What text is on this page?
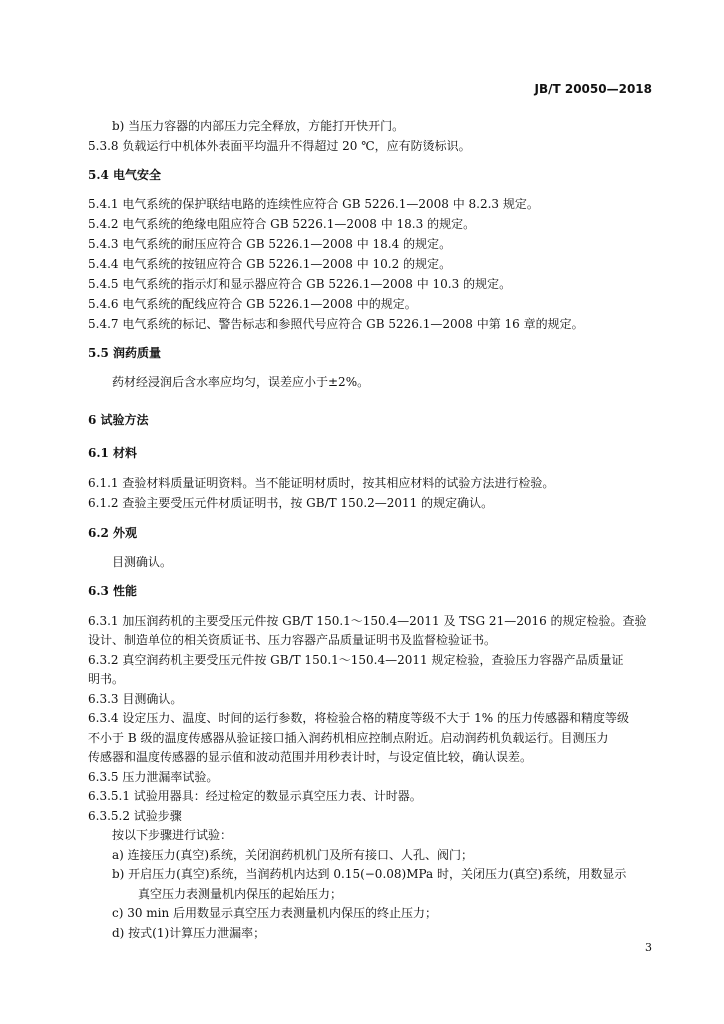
JB/T 20050—2018
b) 当压力容器的内部压力完全释放，方能打开快开门。
5.3.8 负载运行中机体外表面平均温升不得超过 20 ℃，应有防烫标识。
5.4 电气安全
5.4.1 电气系统的保护联结电路的连续性应符合 GB 5226.1—2008 中 8.2.3 规定。
5.4.2 电气系统的绝缘电阻应符合 GB 5226.1—2008 中 18.3 的规定。
5.4.3 电气系统的耐压应符合 GB 5226.1—2008 中 18.4 的规定。
5.4.4 电气系统的按钮应符合 GB 5226.1—2008 中 10.2 的规定。
5.4.5 电气系统的指示灯和显示器应符合 GB 5226.1—2008 中 10.3 的规定。
5.4.6 电气系统的配线应符合 GB 5226.1—2008 中的规定。
5.4.7 电气系统的标记、警告标志和参照代号应符合 GB 5226.1—2008 中第 16 章的规定。
5.5 润药质量
药材经浸润后含水率应均匀，误差应小于±2%。
6 试验方法
6.1 材料
6.1.1 查验材料质量证明资料。当不能证明材质时，按其相应材料的试验方法进行检验。
6.1.2 查验主要受压元件材质证明书，按 GB/T 150.2—2011 的规定确认。
6.2 外观
目测确认。
6.3 性能
6.3.1 加压润药机的主要受压元件按 GB/T 150.1～150.4—2011 及 TSG 21—2016 的规定检验。查验
设计、制造单位的相关资质证书、压力容器产品质量证明书及监督检验证书。
6.3.2 真空润药机主要受压元件按 GB/T 150.1～150.4—2011 规定检验，查验压力容器产品质量证
明书。
6.3.3 目测确认。
6.3.4 设定压力、温度、时间的运行参数，将检验合格的精度等级不大于 1% 的压力传感器和精度等级
不小于 B 级的温度传感器从验证接口插入润药机相应控制点附近。启动润药机负载运行。目测压力
传感器和温度传感器的显示值和波动范围并用秒表计时，与设定值比较，确认误差。
6.3.5 压力泄漏率试验。
6.3.5.1 试验用器具：经过检定的数显示真空压力表、计时器。
6.3.5.2 试验步骤
按以下步骤进行试验：
a) 连接压力(真空)系统，关闭润药机机门及所有接口、人孔、阀门；
b) 开启压力(真空)系统，当润药机内达到 0.15(−0.08)MPa 时，关闭压力(真空)系统，用数显示
真空压力表测量机内保压的起始压力；
c) 30 min 后用数显示真空压力表测量机内保压的终止压力；
d) 按式(1)计算压力泄漏率；
3
